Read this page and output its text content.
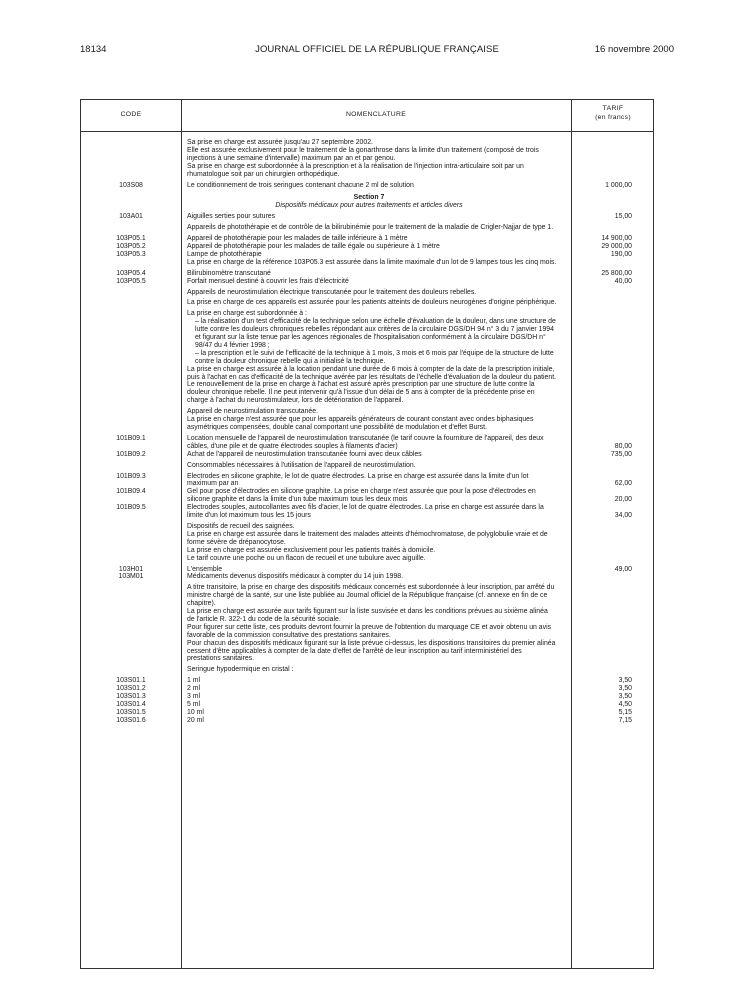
18134	JOURNAL OFFICIEL DE LA RÉPUBLIQUE FRANÇAISE	16 novembre 2000
CODE	NOMENCLATURE
TARIF
(en francs)
Sa prise en charge est assurée jusqu'au 27 septembre 2002.
Elle est assurée exclusivement pour le traitement de la gonarthrose dans la limite d'un traitement (composé de trois injections à une semaine d'intervalle) maximum par an et par genou.
Sa prise en charge est subordonnée à la prescription et à la réalisation de l'injection intra-articulaire soit par un rhumatologue soit par un chirurgien orthopédique.
103S08	Le conditionnement de trois seringues contenant chacune 2 ml de solution	1 000,00
Section 7
Dispositifs médicaux pour autres traitements et articles divers
103A01	Aiguilles serties pour sutures	15,00
Appareils de photothérapie et de contrôle de la bilirubinémie pour le traitement de la maladie de Crigler-Najjar de type 1.
103P05.1	Appareil de photothérapie pour les malades de taille inférieure à 1 mètre	14 900,00
103P05.2	Appareil de photothérapie pour les malades de taille égale ou supérieure à 1 mètre	29 000,00
103P05.3	Lampe de photothérapie	190,00
La prise en charge de la référence 103P05.3 est assurée dans la limite maximale d'un lot de 9 lampes tous les cinq mois.
103P05.4	Bilirubinomètre transcutané	25 800,00
103P05.5	Forfait mensuel destiné à couvrir les frais d'électricité	40,00
Appareils de neurostimulation électrique transcutanée pour le traitement des douleurs rebelles.
La prise en charge de ces appareils est assurée pour les patients atteints de douleurs neurogènes d'origine périphérique.
La prise en charge est subordonnée à :
– la réalisation d'un test d'efficacité de la technique selon une échelle d'évaluation de la douleur, dans une structure de lutte contre les douleurs chroniques rebelles répondant aux critères de la circulaire DGS/DH 94 n° 3 du 7 janvier 1994 et figurant sur la liste tenue par les agences régionales de l'hospitalisation conformément à la circulaire DGS/DH n° 98/47 du 4 février 1998 ;
– la prescription et le suivi de l'efficacité de la technique à 1 mois, 3 mois et 6 mois par l'équipe de la structure de lutte contre la douleur chronique rebelle qui a initialisé la technique.
La prise en charge est assurée à la location pendant une durée de 6 mois à compter de la date de la prescription initiale, puis à l'achat en cas d'efficacité de la technique avérée par les résultats de l'échelle d'évaluation de la douleur du patient.
Le renouvellement de la prise en charge à l'achat est assuré après prescription par une structure de lutte contre la douleur chronique rebelle. Il ne peut intervenir qu'à l'issue d'un délai de 5 ans à compter de la précédente prise en charge à l'achat du neurostimulateur, lors de détérioration de l'appareil.
Appareil de neurostimulation transcutanée.
La prise en charge n'est assurée que pour les appareils générateurs de courant constant avec ondes biphasiques asymétriques compensées, double canal comportant une possibilité de modulation et d'effet Burst.
101B09.1	Location mensuelle de l'appareil de neurostimulation transcutanée (le tarif couvre la fourniture de l'appareil, des deux câbles, d'une pile et de quatre électrodes souples à filaments d'acier)	80,00
101B09.2	Achat de l'appareil de neurostimulation transcutanée fourni avec deux câbles	735,00
Consommables nécessaires à l'utilisation de l'appareil de neurostimulation.
101B09.3	Electrodes en silicone graphite, le lot de quatre électrodes. La prise en charge est assurée dans la limite d'un lot maximum par an	62,00
101B09.4	Gel pour pose d'électrodes en silicone graphite. La prise en charge n'est assurée que pour la pose d'électrodes en silicone graphite et dans la limite d'un tube maximum tous les deux mois	20,00
101B09.5	Electrodes souples, autocollantes avec fils d'acier, le lot de quatre électrodes. La prise en charge est assurée dans la limite d'un lot maximum tous les 15 jours	34,00
Dispositifs de recueil des saignées.
La prise en charge est assurée dans le traitement des malades atteints d'hémochromatose, de polyglobulie vraie et de forme sévère de drépanocytose.
La prise en charge est assurée exclusivement pour les patients traités à domicile.
Le tarif couvre une poche ou un flacon de recueil et une tubulure avec aiguille.
103H01	L'ensemble	49,00
103M01	Médicaments devenus dispositifs médicaux à compter du 14 juin 1998.
A titre transitoire, la prise en charge des dispositifs médicaux concernés est subordonnée à leur inscription, par arrêté du ministre chargé de la santé, sur une liste publiée au Journal officiel de la République française (cf. annexe en fin de ce chapitre).
La prise en charge est assurée aux tarifs figurant sur la liste susvisée et dans les conditions prévues au sixième alinéa de l'article R. 322-1 du code de la sécurité sociale.
Pour figurer sur cette liste, ces produits devront fournir la preuve de l'obtention du marquage CE et avoir obtenu un avis favorable de la commission consultative des prestations sanitaires.
Pour chacun des dispositifs médicaux figurant sur la liste prévue ci-dessus, les dispositions transitoires du premier alinéa cessent d'être applicables à compter de la date d'effet de l'arrêté de leur inscription au tarif interministériel des prestations sanitaires.
Seringue hypodermique en cristal :
103S01.1	1 ml	3,50
103S01.2	2 ml	3,50
103S01.3	3 ml	3,50
103S01.4	5 ml	4,50
103S01.5	10 ml	5,15
103S01.6	20 ml	7,15
